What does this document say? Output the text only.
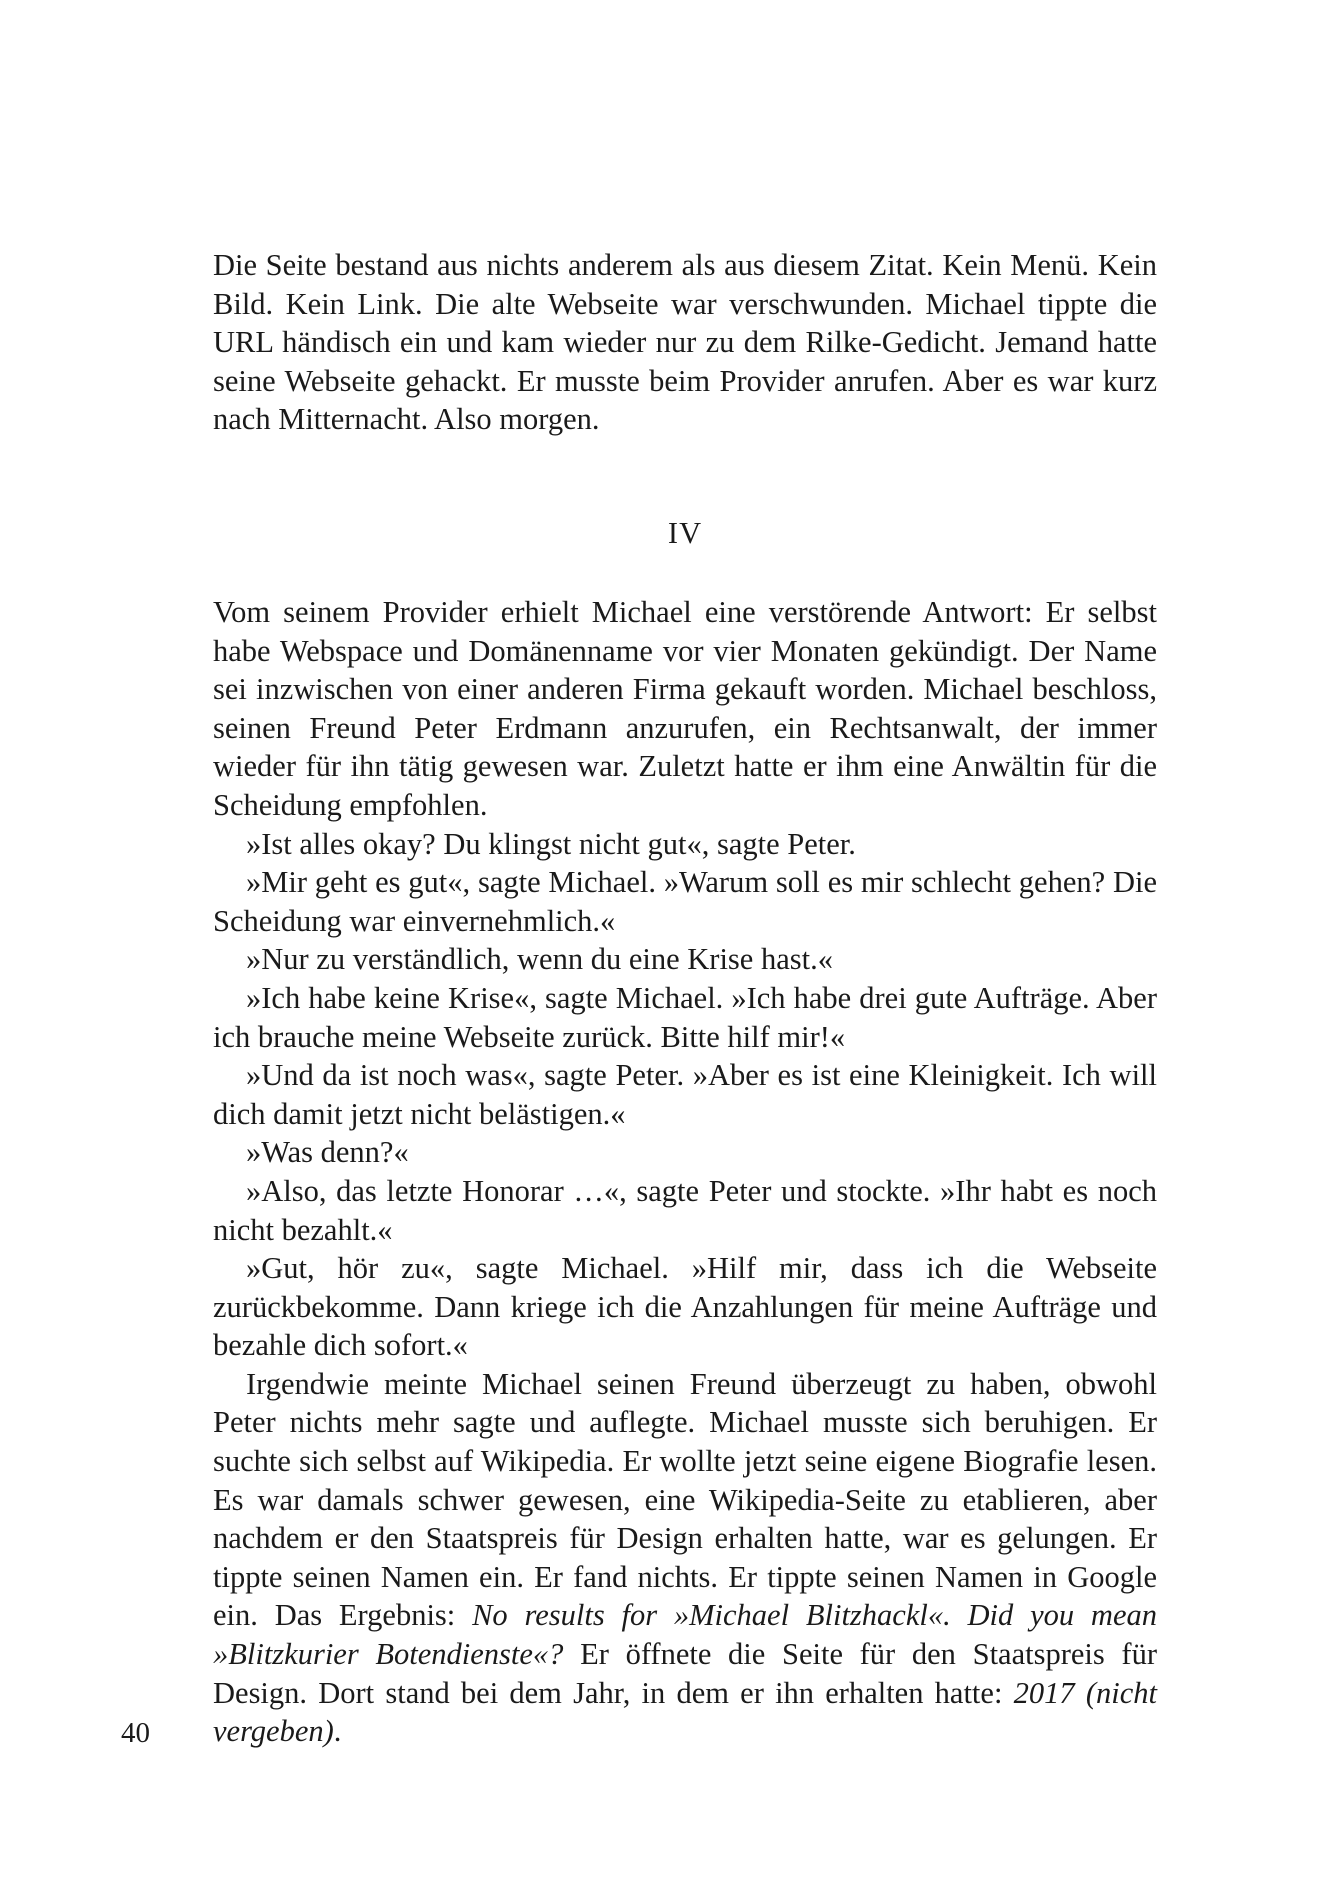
Die Seite bestand aus nichts anderem als aus diesem Zitat. Kein Menü. Kein Bild. Kein Link. Die alte Webseite war verschwunden. Michael tippte die URL händisch ein und kam wieder nur zu dem Rilke-Gedicht. Jemand hatte seine Webseite gehackt. Er musste beim Provider anrufen. Aber es war kurz nach Mitternacht. Also morgen.

IV

Vom seinem Provider erhielt Michael eine verstörende Antwort: Er selbst habe Webspace und Domänenname vor vier Monaten gekündigt. Der Name sei inzwischen von einer anderen Firma gekauft worden. Michael beschloss, seinen Freund Peter Erdmann anzurufen, ein Rechtsanwalt, der immer wieder für ihn tätig gewesen war. Zuletzt hatte er ihm eine Anwältin für die Scheidung empfohlen.

»Ist alles okay? Du klingst nicht gut«, sagte Peter.

»Mir geht es gut«, sagte Michael. »Warum soll es mir schlecht gehen? Die Scheidung war einvernehmlich.«

»Nur zu verständlich, wenn du eine Krise hast.«

»Ich habe keine Krise«, sagte Michael. »Ich habe drei gute Aufträge. Aber ich brauche meine Webseite zurück. Bitte hilf mir!«

»Und da ist noch was«, sagte Peter. »Aber es ist eine Kleinigkeit. Ich will dich damit jetzt nicht belästigen.«

»Was denn?«

»Also, das letzte Honorar …«, sagte Peter und stockte. »Ihr habt es noch nicht bezahlt.«

»Gut, hör zu«, sagte Michael. »Hilf mir, dass ich die Webseite zurückbekomme. Dann kriege ich die Anzahlungen für meine Aufträge und bezahle dich sofort.«

Irgendwie meinte Michael seinen Freund überzeugt zu haben, obwohl Peter nichts mehr sagte und auflegte. Michael musste sich beruhigen. Er suchte sich selbst auf Wikipedia. Er wollte jetzt seine eigene Biografie lesen. Es war damals schwer gewesen, eine Wikipedia-Seite zu etablieren, aber nachdem er den Staatspreis für Design erhalten hatte, war es gelungen. Er tippte seinen Namen ein. Er fand nichts. Er tippte seinen Namen in Google ein. Das Ergebnis: No results for »Michael Blitzhackl«. Did you mean »Blitzkurier Botendienste«? Er öffnete die Seite für den Staatspreis für Design. Dort stand bei dem Jahr, in dem er ihn erhalten hatte: 2017 (nicht vergeben).

40
